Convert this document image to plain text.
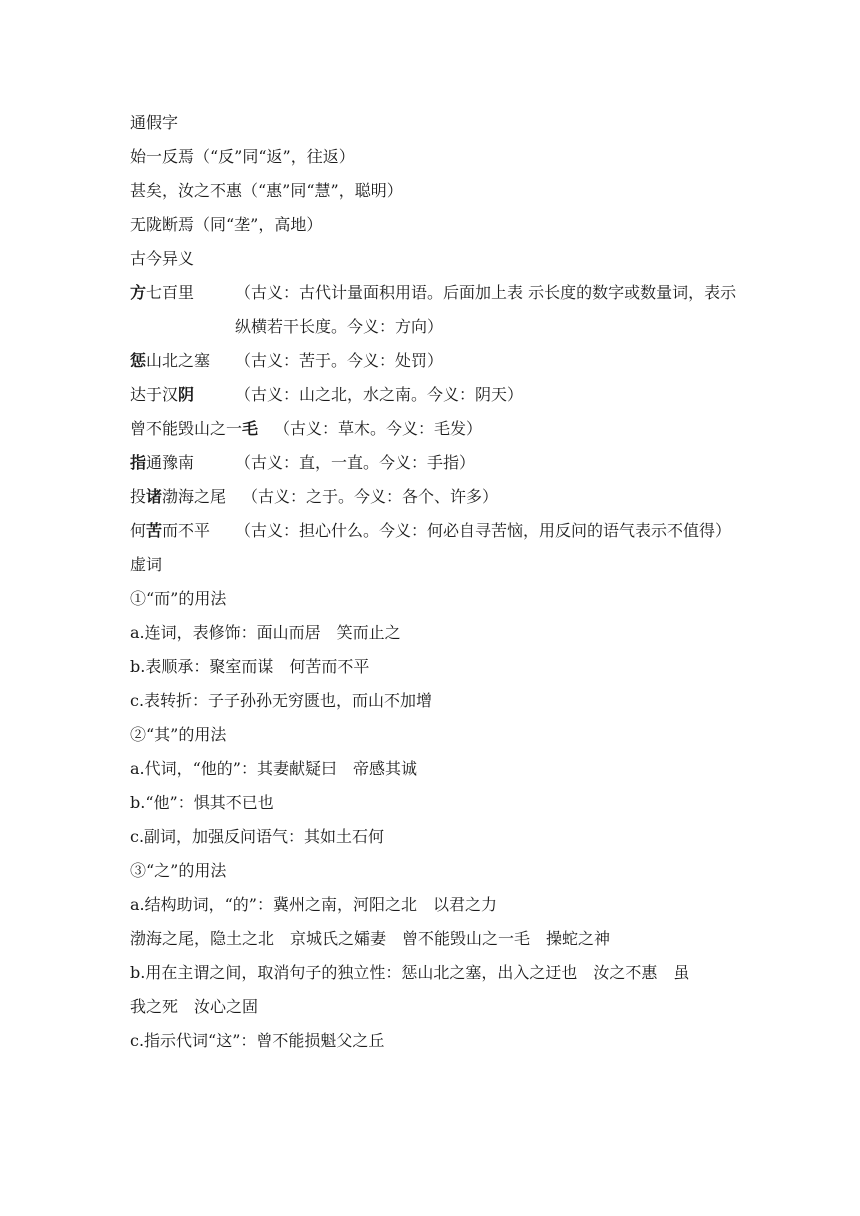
通假字
始一反焉（“反”同“返”，往返）
甚矣，汝之不惠（“惠”同“慧”，聪明）
无陇断焉（同“垄”，高地）
古今异义
方七百里	（古义：古代计量面积用语。后面加上表 示长度的数字或数量词，表示纵横若干长度。今义：方向）
惩山北之塞	（古义：苦于。今义：处罚）
达于汉阴	（古义：山之北，水之南。今义：阴天）
曾不能毁山之一毛 （古义：草木。今义：毛发）
指通豫南	（古义：直，一直。今义：手指）
投诸渤海之尾 （古义：之于。今义：各个、许多）
何苦而不平	（古义：担心什么。今义：何必自寻苦恼，用反问的语气表示不值得）
虚词
①“而”的用法
a.连词，表修饰：面山而居　笑而止之
b.表顺承：聚室而谋　何苦而不平
c.表转折：子子孙孙无穷匮也，而山不加增
②“其”的用法
a.代词，“他的”：其妻献疑曰　帝感其诚
b.“他”：惧其不已也
c.副词，加强反问语气：其如土石何
③“之”的用法
a.结构助词，“的”：冀州之南，河阳之北　以君之力
渤海之尾，隐土之北　京城氏之孀妻　曾不能毁山之一毛　操蛇之神
b.用在主谓之间，取消句子的独立性：惩山北之塞，出入之迂也　汝之不惠　虽
我之死　汝心之固
c.指示代词“这”：曾不能损魁父之丘
